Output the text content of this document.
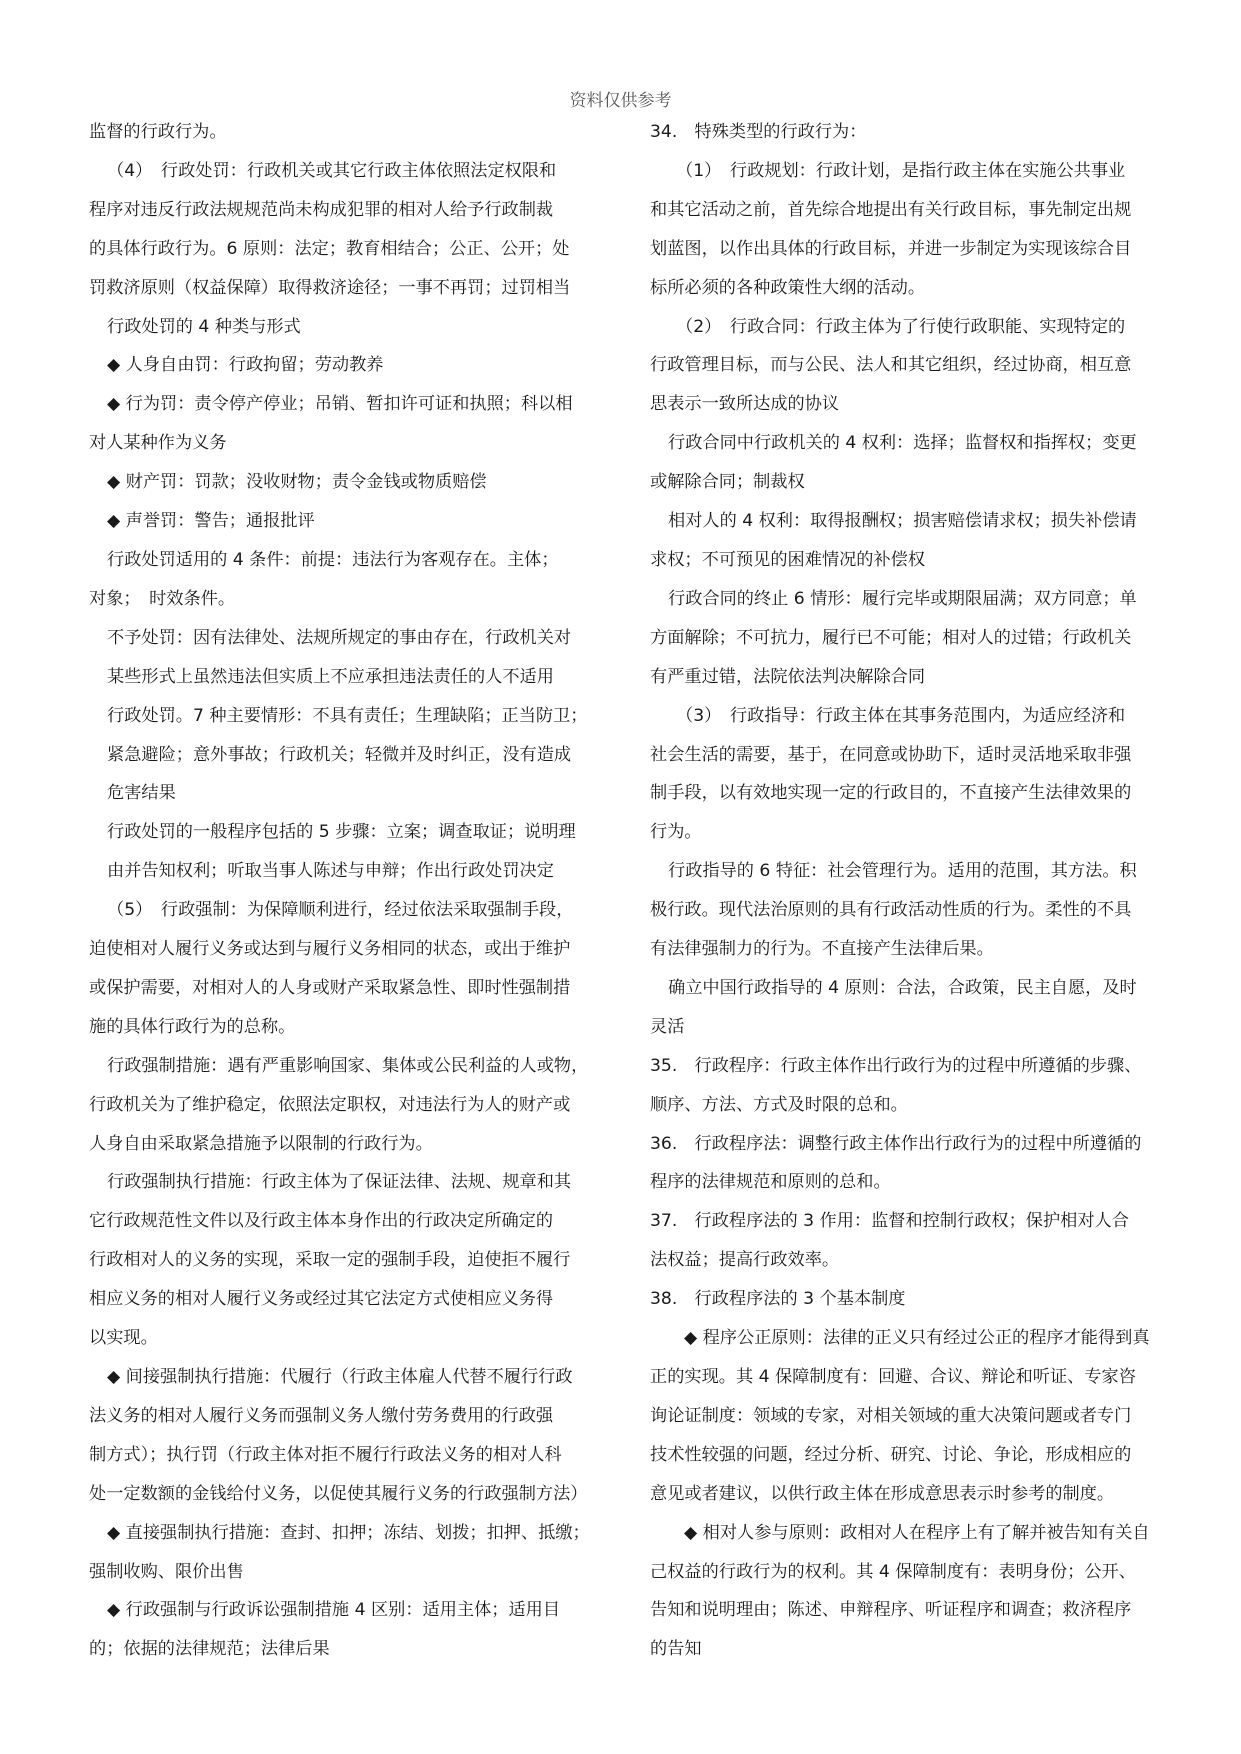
资料仅供参考

监督的行政行为。

（4）　行政处罚：行政机关或其它行政主体依照法定权限和

程序对违反行政法规规范尚未构成犯罪的相对人给予行政制裁

的具体行政行为。6 原则：法定；教育相结合；公正、公开；处

罚救济原则（权益保障）取得救济途径；一事不再罚；过罚相当

行政处罚的 4 种类与形式

◆ 人身自由罚：行政拘留；劳动教养

◆ 行为罚：责令停产停业；吊销、暂扣许可证和执照；科以相

对人某种作为义务

◆ 财产罚：罚款；没收财物；责令金钱或物质赔偿

◆ 声誉罚：警告；通报批评

行政处罚适用的 4 条件：前提：违法行为客观存在。主体；

对象；　时效条件。

不予处罚：因有法律处、法规所规定的事由存在，行政机关对

某些形式上虽然违法但实质上不应承担违法责任的人不适用

行政处罚。7 种主要情形：不具有责任；生理缺陷；正当防卫；

紧急避险；意外事故；行政机关；轻微并及时纠正，没有造成

危害结果

行政处罚的一般程序包括的 5 步骤：立案；调查取证；说明理

由并告知权利；听取当事人陈述与申辩；作出行政处罚决定

（5）　行政强制：为保障顺利进行，经过依法采取强制手段，

迫使相对人履行义务或达到与履行义务相同的状态，或出于维护

或保护需要，对相对人的人身或财产采取紧急性、即时性强制措

施的具体行政行为的总称。

行政强制措施：遇有严重影响国家、集体或公民利益的人或物，

行政机关为了维护稳定，依照法定职权，对违法行为人的财产或

人身自由采取紧急措施予以限制的行政行为。

行政强制执行措施：行政主体为了保证法律、法规、规章和其

它行政规范性文件以及行政主体本身作出的行政决定所确定的

行政相对人的义务的实现，采取一定的强制手段，迫使拒不履行

相应义务的相对人履行义务或经过其它法定方式使相应义务得

以实现。

◆ 间接强制执行措施：代履行（行政主体雇人代替不履行行政

法义务的相对人履行义务而强制义务人缴付劳务费用的行政强

制方式）；执行罚（行政主体对拒不履行行政法义务的相对人科

处一定数额的金钱给付义务，以促使其履行义务的行政强制方法）

◆ 直接强制执行措施：查封、扣押；冻结、划拨；扣押、抵缴；

强制收购、限价出售

◆ 行政强制与行政诉讼强制措施 4 区别：适用主体；适用目

的；依据的法律规范；法律后果

34.　特殊类型的行政行为：

（1）　行政规划：行政计划，是指行政主体在实施公共事业

和其它活动之前，首先综合地提出有关行政目标，事先制定出规

划蓝图，以作出具体的行政目标，并进一步制定为实现该综合目

标所必须的各种政策性大纲的活动。

（2）　行政合同：行政主体为了行使行政职能、实现特定的

行政管理目标，而与公民、法人和其它组织，经过协商，相互意

思表示一致所达成的协议

行政合同中行政机关的 4 权利：选择；监督权和指挥权；变更

或解除合同；制裁权

相对人的 4 权利：取得报酬权；损害赔偿请求权；损失补偿请

求权；不可预见的困难情况的补偿权

行政合同的终止 6 情形：履行完毕或期限届满；双方同意；单

方面解除；不可抗力，履行已不可能；相对人的过错；行政机关

有严重过错，法院依法判决解除合同

（3）　行政指导：行政主体在其事务范围内，为适应经济和

社会生活的需要，基于，在同意或协助下，适时灵活地采取非强

制手段，以有效地实现一定的行政目的，不直接产生法律效果的

行为。

行政指导的 6 特征：社会管理行为。适用的范围，其方法。积

极行政。现代法治原则的具有行政活动性质的行为。柔性的不具

有法律强制力的行为。不直接产生法律后果。

确立中国行政指导的 4 原则：合法，合政策，民主自愿，及时

灵活

35.　行政程序：行政主体作出行政行为的过程中所遵循的步骤、

顺序、方法、方式及时限的总和。

36.　行政程序法：调整行政主体作出行政行为的过程中所遵循的

程序的法律规范和原则的总和。

37.　行政程序法的 3 作用：监督和控制行政权；保护相对人合

法权益；提高行政效率。

38.　行政程序法的 3 个基本制度

◆ 程序公正原则：法律的正义只有经过公正的程序才能得到真

正的实现。其 4 保障制度有：回避、合议、辩论和听证、专家咨

询论证制度：领域的专家，对相关领域的重大决策问题或者专门

技术性较强的问题，经过分析、研究、讨论、争论，形成相应的

意见或者建议，以供行政主体在形成意思表示时参考的制度。

◆ 相对人参与原则：政相对人在程序上有了解并被告知有关自

己权益的行政行为的权利。其 4 保障制度有：表明身份；公开、

告知和说明理由；陈述、申辩程序、听证程序和调查；救济程序

的告知
